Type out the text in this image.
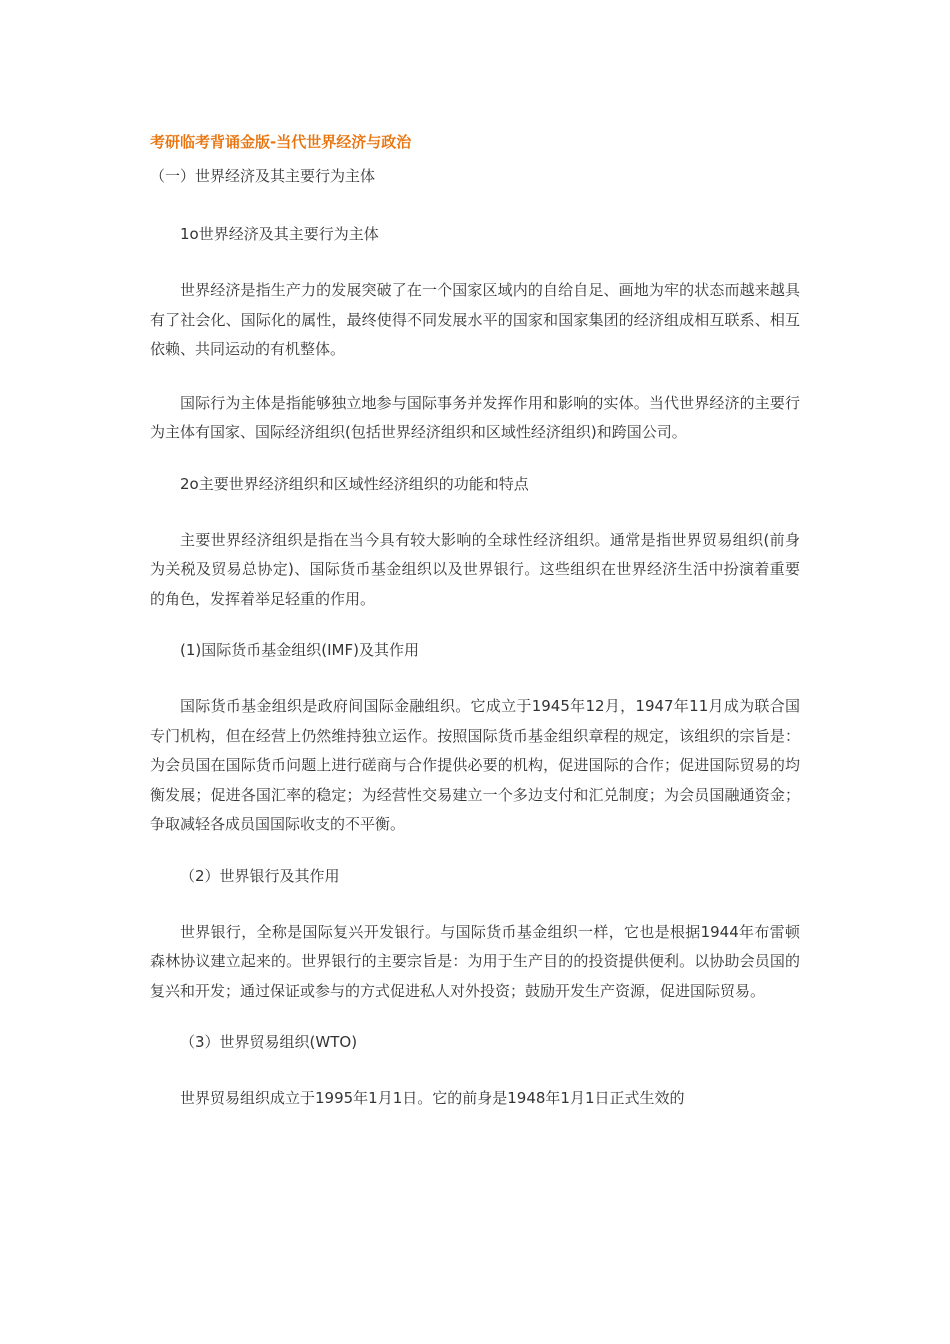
考研临考背诵金版-当代世界经济与政治
（一）世界经济及其主要行为主体
1o世界经济及其主要行为主体

世界经济是指生产力的发展突破了在一个国家区域内的自给自足、画地为牢的状态而越来越具有了社会化、国际化的属性，最终使得不同发展水平的国家和国家集团的经济组成相互联系、相互依赖、共同运动的有机整体。

国际行为主体是指能够独立地参与国际事务并发挥作用和影响的实体。当代世界经济的主要行为主体有国家、国际经济组织(包括世界经济组织和区域性经济组织)和跨国公司。

2o主要世界经济组织和区域性经济组织的功能和特点

主要世界经济组织是指在当今具有较大影响的全球性经济组织。通常是指世界贸易组织(前身为关税及贸易总协定)、国际货币基金组织以及世界银行。这些组织在世界经济生活中扮演着重要的角色，发挥着举足轻重的作用。

(1)国际货币基金组织(IMF)及其作用

国际货币基金组织是政府间国际金融组织。它成立于1945年12月，1947年11月成为联合国专门机构，但在经营上仍然维持独立运作。按照国际货币基金组织章程的规定，该组织的宗旨是：为会员国在国际货币问题上进行磋商与合作提供必要的机构，促进国际的合作；促进国际贸易的均衡发展；促进各国汇率的稳定；为经营性交易建立一个多边支付和汇兑制度；为会员国融通资金；争取减轻各成员国国际收支的不平衡。

（2）世界银行及其作用

世界银行，全称是国际复兴开发银行。与国际货币基金组织一样，它也是根据1944年布雷顿森林协议建立起来的。世界银行的主要宗旨是：为用于生产目的的投资提供便利。以协助会员国的复兴和开发；通过保证或参与的方式促进私人对外投资；鼓励开发生产资源，促进国际贸易。

（3）世界贸易组织(WTO)

世界贸易组织成立于1995年1月1日。它的前身是1948年1月1日正式生效的
